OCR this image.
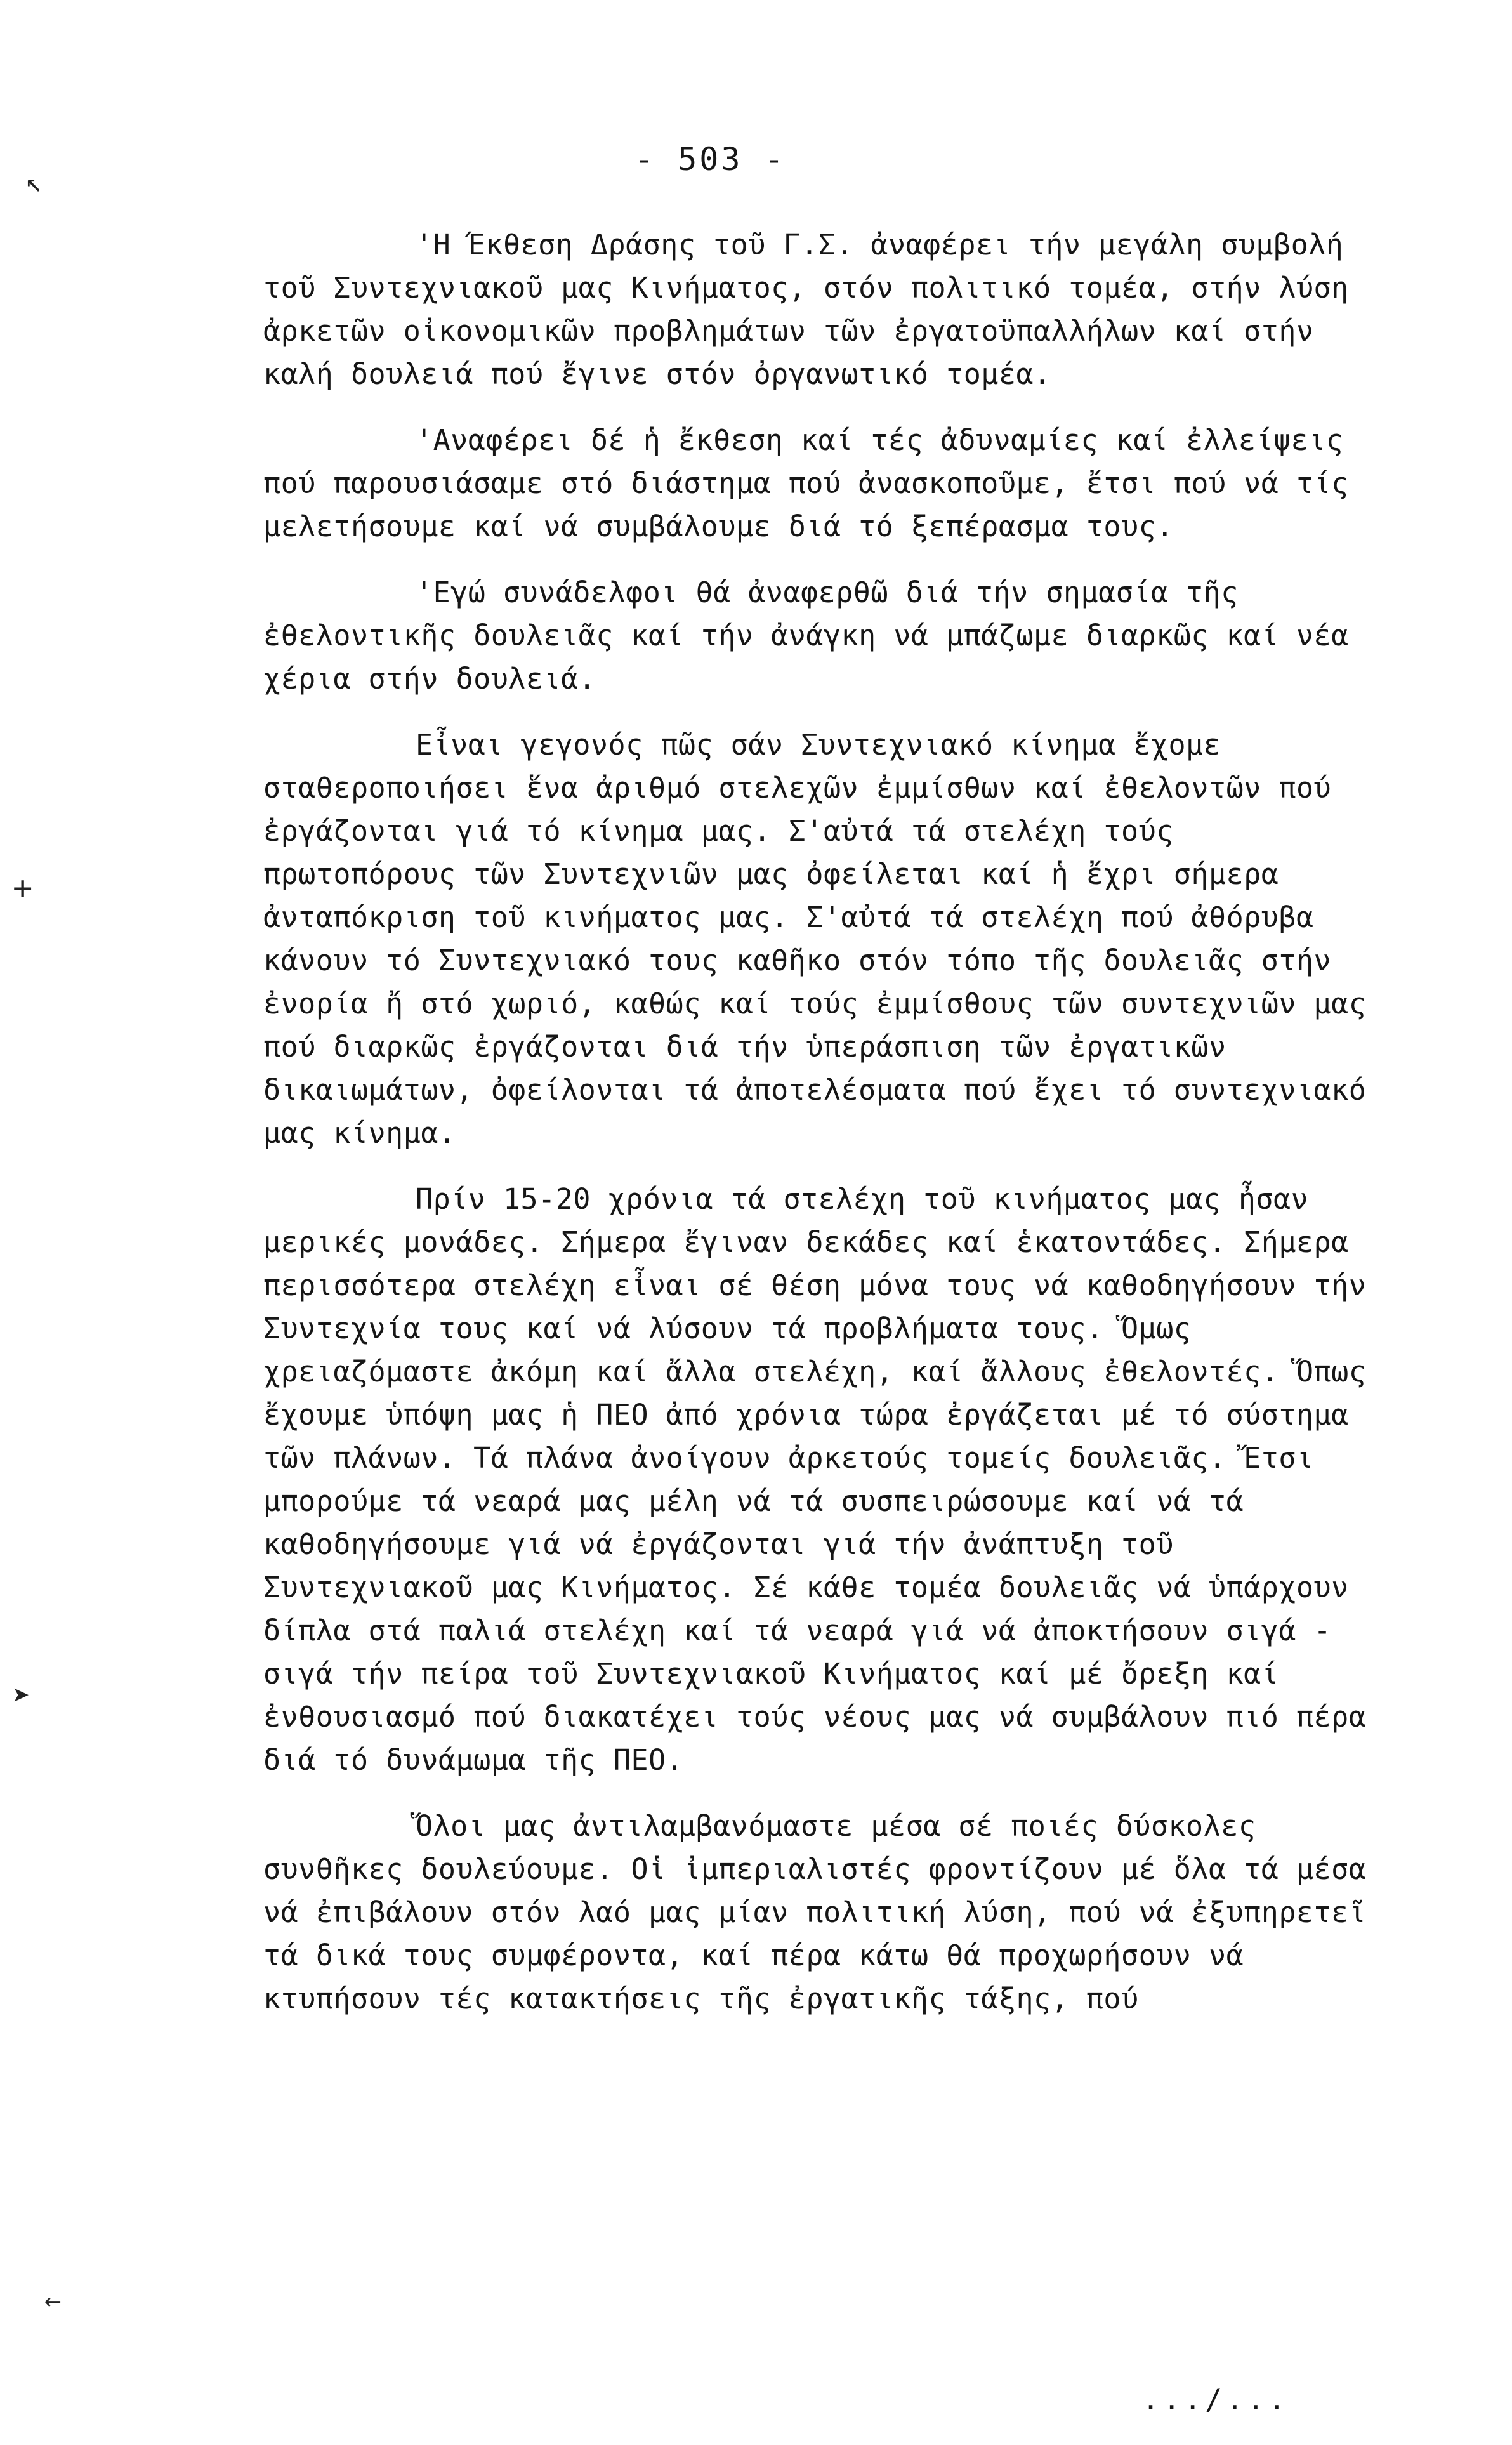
↖
+
➤
←
- 503 -

'Η Έκθεση Δράσης τοῦ Γ.Σ. ἀναφέρει τήν μεγάλη συμβολή τοῦ Συντεχνιακοῦ μας Κινήματος, στόν πολιτικό τομέα, στήν λύση ἀρκετῶν οἰκονομικῶν προβλημάτων τῶν ἐργατοϋπαλλήλων καί στήν καλή δουλειά πού ἔγινε στόν ὀργανωτικό τομέα.

'Αναφέρει δέ ἡ ἔκθεση καί τές ἀδυναμίες καί ἐλλείψεις πού παρουσιάσαμε στό διάστημα πού ἀνασκοποῦμε, ἔτσι πού νά τίς μελετήσουμε καί νά συμβάλουμε διά τό ξεπέρασμα τους.

'Εγώ συνάδελφοι θά ἀναφερθῶ διά τήν σημασία τῆς ἐθελοντικῆς δουλειᾶς καί τήν ἀνάγκη νά μπάζωμε διαρκῶς καί νέα χέρια στήν δουλειά.

Εἶναι γεγονός πῶς σάν Συντεχνιακό κίνημα ἔχομε σταθεροποιήσει ἕνα ἀριθμό στελεχῶν ἐμμίσθων καί ἐθελοντῶν πού ἐργάζονται γιά τό κίνημα μας. Σ'αὐτά τά στελέχη τούς πρωτοπόρους τῶν Συντεχνιῶν μας ὀφείλεται καί ἡ ἔχρι σήμερα ἀνταπόκριση τοῦ κινήματος μας. Σ'αὐτά τά στελέχη πού ἀθόρυβα κάνουν τό Συντεχνιακό τους καθῆκο στόν τόπο τῆς δουλειᾶς στήν ἐνορία ἤ στό χωριό, καθώς καί τούς ἐμμίσθους τῶν συντεχνιῶν μας πού διαρκῶς ἐργάζονται διά τήν ὑπεράσπιση τῶν ἐργατικῶν δικαιωμάτων, ὀφείλονται τά ἀποτελέσματα πού ἔχει τό συντεχνιακό μας κίνημα.

Πρίν 15-20 χρόνια τά στελέχη τοῦ κινήματος μας ἦσαν μερικές μονάδες. Σήμερα ἔγιναν δεκάδες καί ἑκατοντάδες. Σήμερα περισσότερα στελέχη εἶναι σέ θέση μόνα τους νά καθοδηγήσουν τήν Συντεχνία τους καί νά λύσουν τά προβλήματα τους. Ὅμως χρειαζόμαστε ἀκόμη καί ἄλλα στελέχη, καί ἄλλους ἐθελοντές. Ὅπως ἔχουμε ὑπόψη μας ἡ ΠΕΟ ἀπό χρόνια τώρα ἐργάζεται μέ τό σύστημα τῶν πλάνων. Τά πλάνα ἀνοίγουν ἀρκετούς τομείς δουλειᾶς. Ἔτσι μπορούμε τά νεαρά μας μέλη νά τά συσπειρώσουμε καί νά τά καθοδηγήσουμε γιά νά ἐργάζονται γιά τήν ἀνάπτυξη τοῦ Συντεχνιακοῦ μας Κινήματος. Σέ κάθε τομέα δουλειᾶς νά ὑπάρχουν δίπλα στά παλιά στελέχη καί τά νεαρά γιά νά ἀποκτήσουν σιγά - σιγά τήν πείρα τοῦ Συντεχνιακοῦ Κινήματος καί μέ ὄρεξη καί ἐνθουσιασμό πού διακατέχει τούς νέους μας νά συμβάλουν πιό πέρα διά τό δυνάμωμα τῆς ΠΕΟ.

Ὅλοι μας ἀντιλαμβανόμαστε μέσα σέ ποιές δύσκολες συνθῆκες δουλεύουμε. Οἱ ἰμπεριαλιστές φροντίζουν μέ ὅλα τά μέσα νά ἐπιβάλουν στόν λαό μας μίαν πολιτική λύση, πού νά ἐξυπηρετεῖ τά δικά τους συμφέροντα, καί πέρα κάτω θά προχωρήσουν νά κτυπήσουν τές κατακτήσεις τῆς ἐργατικῆς τάξης, πού

.../...
